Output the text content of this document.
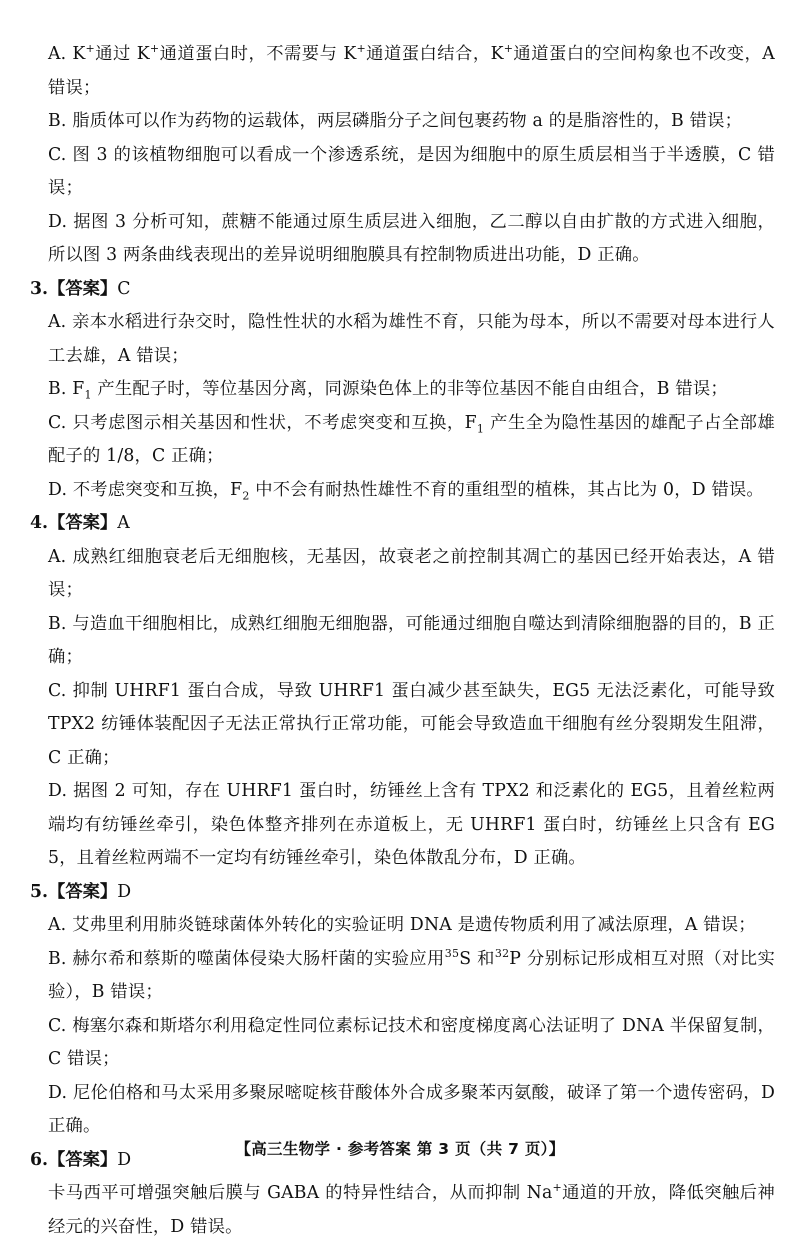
A. K+通过 K+通道蛋白时，不需要与 K+通道蛋白结合，K+通道蛋白的空间构象也不改变，A 错误；

B. 脂质体可以作为药物的运载体，两层磷脂分子之间包裹药物 a 的是脂溶性的，B 错误；

C. 图 3 的该植物细胞可以看成一个渗透系统，是因为细胞中的原生质层相当于半透膜，C 错误；

D. 据图 3 分析可知，蔗糖不能通过原生质层进入细胞，乙二醇以自由扩散的方式进入细胞，所以图 3 两条曲线表现出的差异说明细胞膜具有控制物质进出功能，D 正确。

3.【答案】C

A. 亲本水稻进行杂交时，隐性性状的水稻为雄性不育，只能为母本，所以不需要对母本进行人工去雄，A 错误；

B. $F_1$ 产生配子时，等位基因分离，同源染色体上的非等位基因不能自由组合，B 错误；

C. 只考虑图示相关基因和性状，不考虑突变和互换，$F_1$ 产生全为隐性基因的雄配子占全部雄配子的 1/8，C 正确；

D. 不考虑突变和互换，$F_2$ 中不会有耐热性雄性不育的重组型的植株，其占比为 0，D 错误。

4.【答案】A

A. 成熟红细胞衰老后无细胞核，无基因，故衰老之前控制其凋亡的基因已经开始表达，A 错误；

B. 与造血干细胞相比，成熟红细胞无细胞器，可能通过细胞自噬达到清除细胞器的目的，B 正确；

C. 抑制 UHRF1 蛋白合成，导致 UHRF1 蛋白减少甚至缺失，EG5 无法泛素化，可能导致 TPX2 纺锤体装配因子无法正常执行正常功能，可能会导致造血干细胞有丝分裂期发生阻滞，C 正确；

D. 据图 2 可知，存在 UHRF1 蛋白时，纺锤丝上含有 TPX2 和泛素化的 EG5，且着丝粒两端均有纺锤丝牵引，染色体整齐排列在赤道板上，无 UHRF1 蛋白时，纺锤丝上只含有 EG5，且着丝粒两端不一定均有纺锤丝牵引，染色体散乱分布，D 正确。

5.【答案】D

A. 艾弗里利用肺炎链球菌体外转化的实验证明 DNA 是遗传物质利用了减法原理，A 错误；

B. 赫尔希和蔡斯的噬菌体侵染大肠杆菌的实验应用$^{35}$S 和$^{32}$P 分别标记形成相互对照（对比实验），B 错误；

C. 梅塞尔森和斯塔尔利用稳定性同位素标记技术和密度梯度离心法证明了 DNA 半保留复制，C 错误；

D. 尼伦伯格和马太采用多聚尿嘧啶核苷酸体外合成多聚苯丙氨酸，破译了第一个遗传密码，D 正确。

6.【答案】D

卡马西平可增强突触后膜与 GABA 的特异性结合，从而抑制 Na+通道的开放，降低突触后神经元的兴奋性，D 错误。

【高三生物学 · 参考答案 第 3 页（共 7 页）】
